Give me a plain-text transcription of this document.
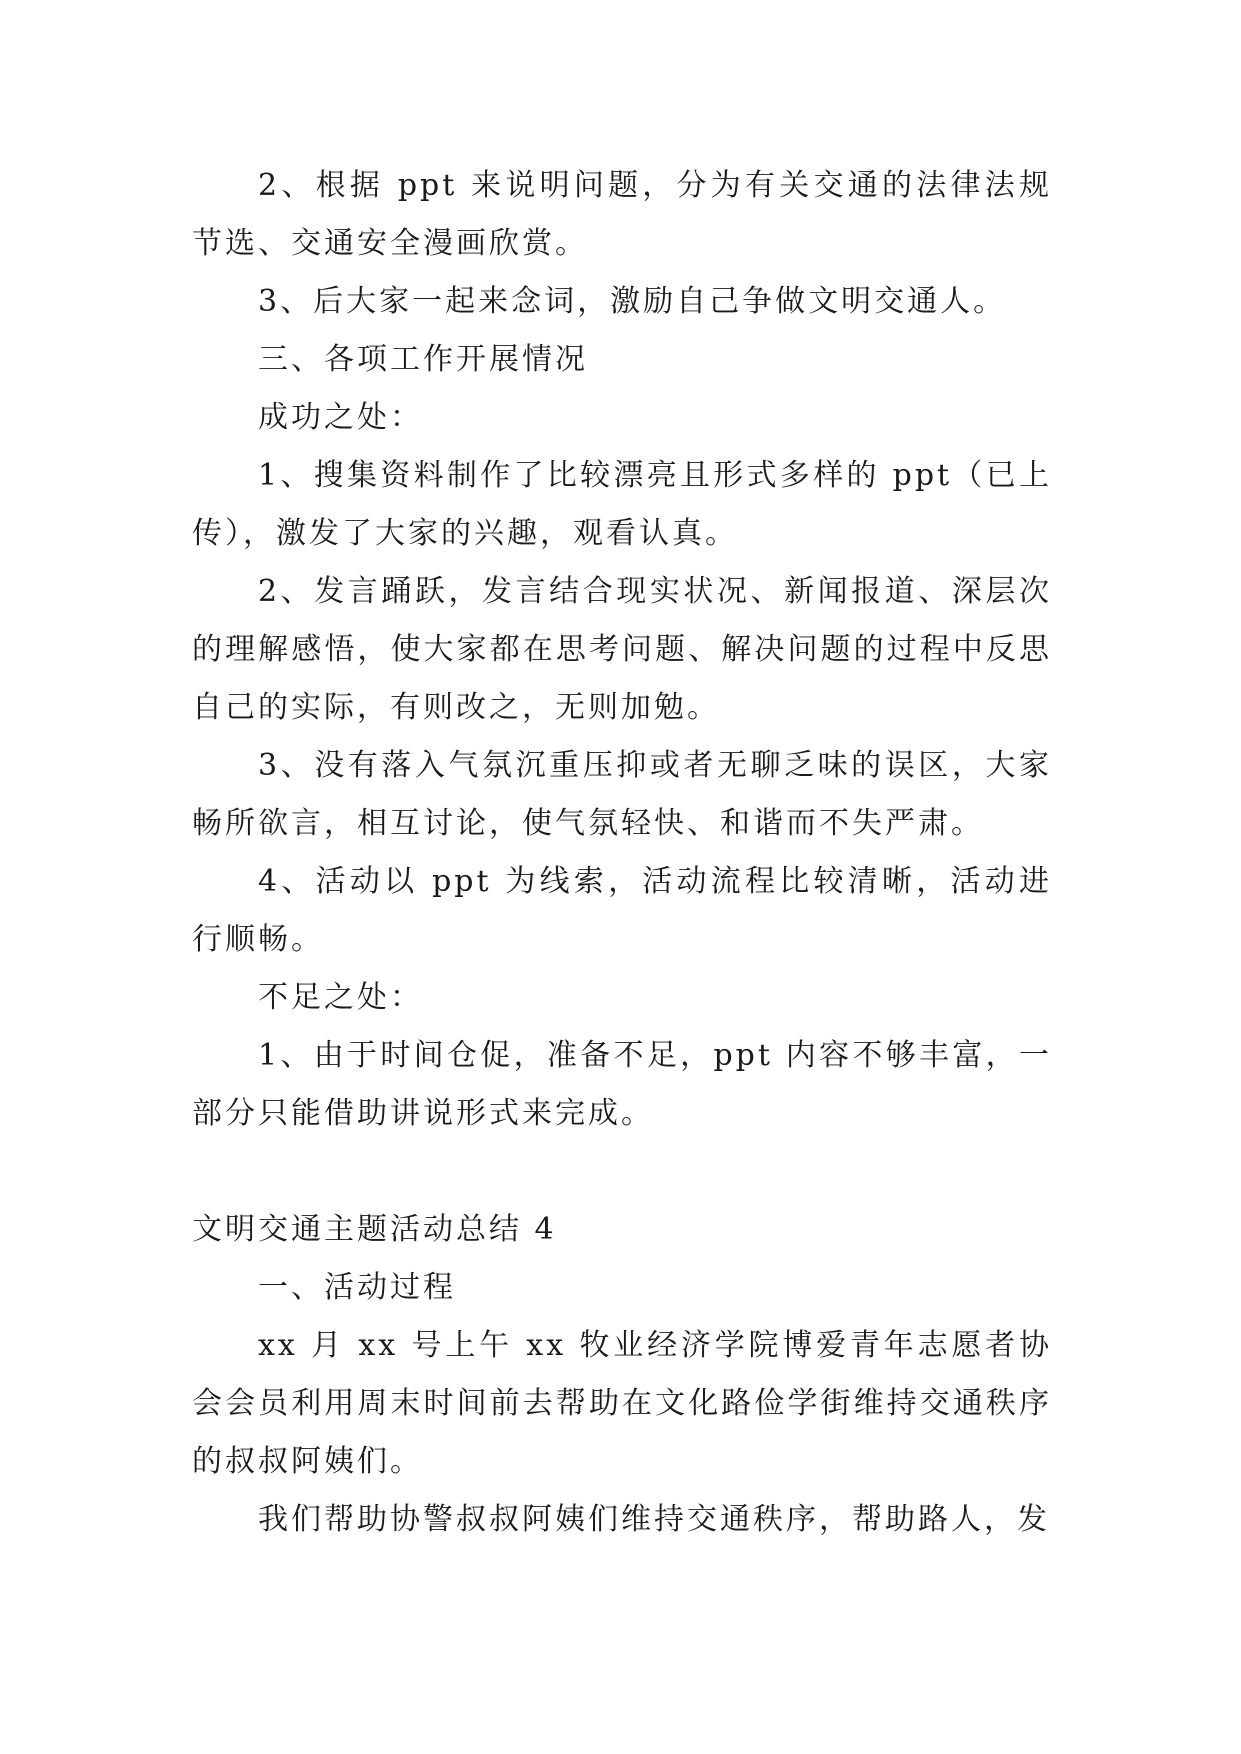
2、根据 ppt 来说明问题，分为有关交通的法律法规节选、交通安全漫画欣赏。

3、后大家一起来念词，激励自己争做文明交通人。

三、各项工作开展情况

成功之处：

1、搜集资料制作了比较漂亮且形式多样的 ppt（已上传），激发了大家的兴趣，观看认真。

2、发言踊跃，发言结合现实状况、新闻报道、深层次的理解感悟，使大家都在思考问题、解决问题的过程中反思自己的实际，有则改之，无则加勉。

3、没有落入气氛沉重压抑或者无聊乏味的误区，大家畅所欲言，相互讨论，使气氛轻快、和谐而不失严肃。

4、活动以 ppt 为线索，活动流程比较清晰，活动进行顺畅。

不足之处：

1、由于时间仓促，准备不足，ppt 内容不够丰富，一部分只能借助讲说形式来完成。

文明交通主题活动总结 4

一、活动过程

xx 月 xx 号上午 xx 牧业经济学院博爱青年志愿者协会会员利用周末时间前去帮助在文化路俭学街维持交通秩序的叔叔阿姨们。

我们帮助协警叔叔阿姨们维持交通秩序，帮助路人，发
